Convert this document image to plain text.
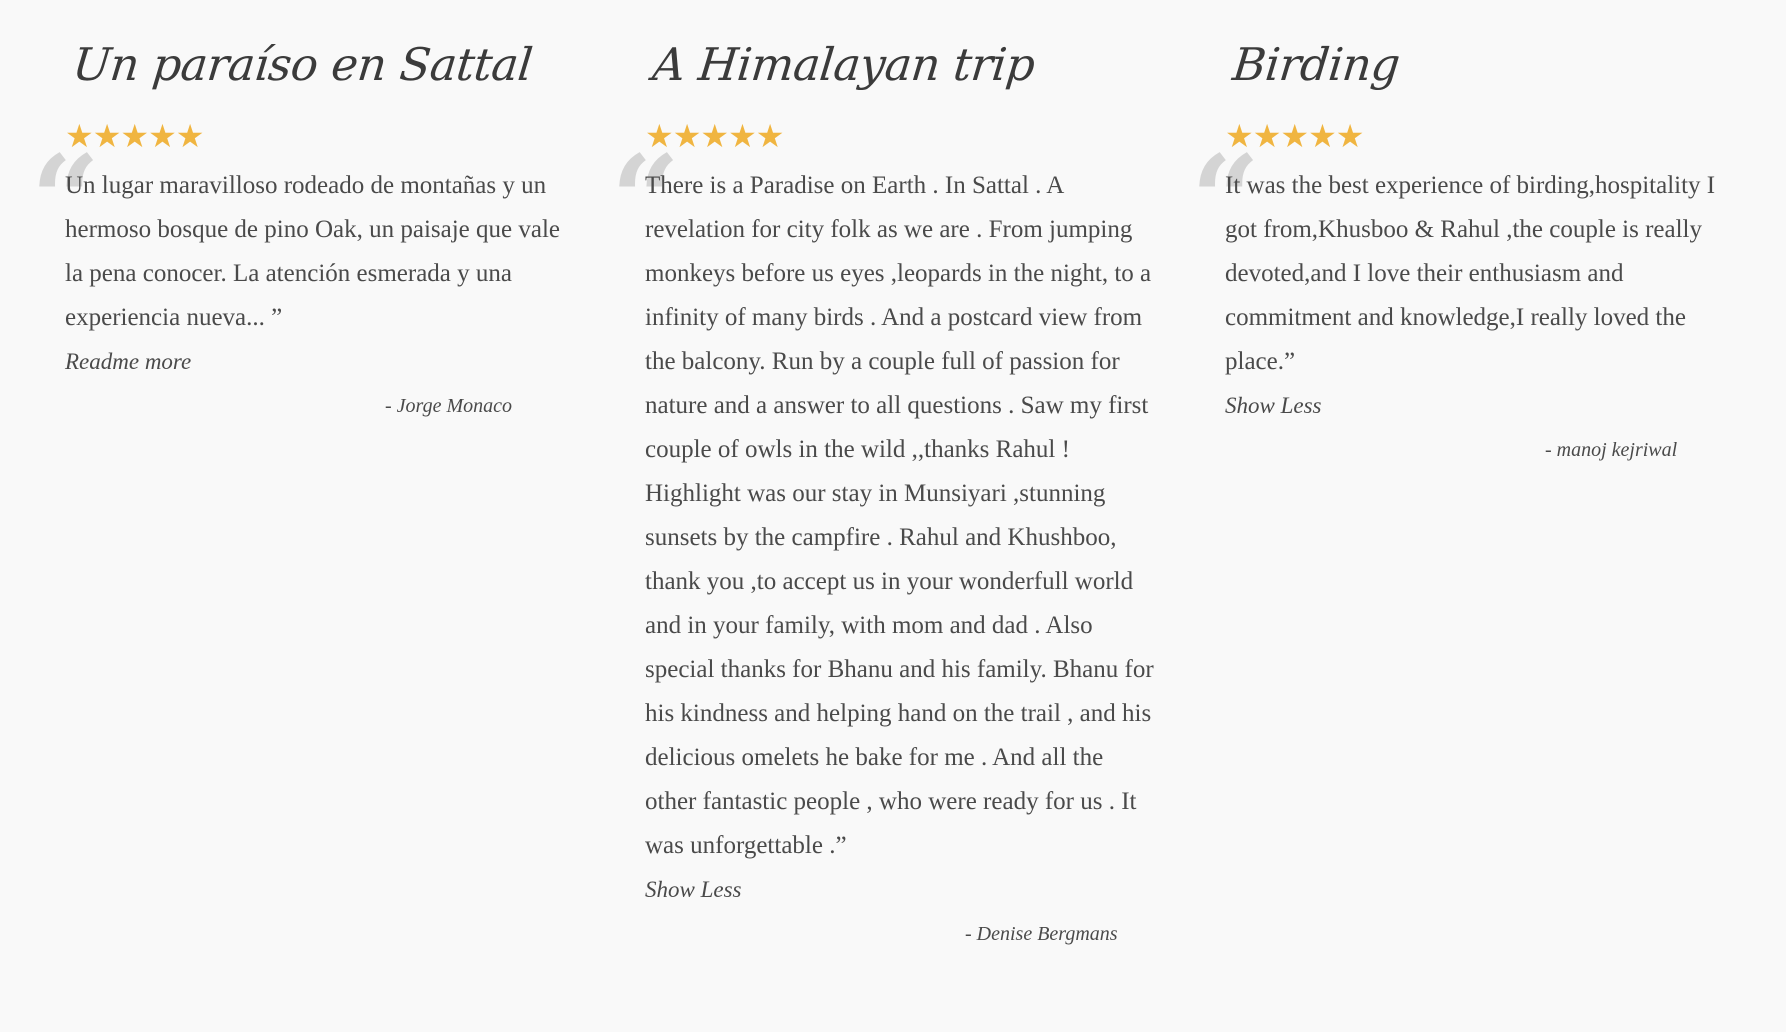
Un paraíso en Sattal
★★★★★
“
Un lugar maravilloso rodeado de montañas y un hermoso bosque de pino Oak, un paisaje que vale la pena conocer. La atención esmerada y una experiencia nueva... ”
Readme more
- Jorge Monaco
A Himalayan trip
★★★★★
“
There is a Paradise on Earth . In Sattal . A revelation for city folk as we are . From jumping monkeys before us eyes ,leopards in the night, to a infinity of many birds . And a postcard view from the balcony. Run by a couple full of passion for nature and a answer to all questions . Saw my first couple of owls in the wild ,,thanks Rahul ! Highlight was our stay in Munsiyari ,stunning sunsets by the campfire . Rahul and Khushboo, thank you ,to accept us in your wonderfull world and in your family, with mom and dad . Also special thanks for Bhanu and his family. Bhanu for his kindness and helping hand on the trail , and his delicious omelets he bake for me . And all the other fantastic people , who were ready for us . It was unforgettable .”
Show Less
- Denise Bergmans
Birding
★★★★★
“
It was the best experience of birding,hospitality I got from,Khusboo & Rahul ,the couple is really devoted,and I love their enthusiasm and commitment and knowledge,I really loved the place.”
Show Less
- manoj kejriwal
